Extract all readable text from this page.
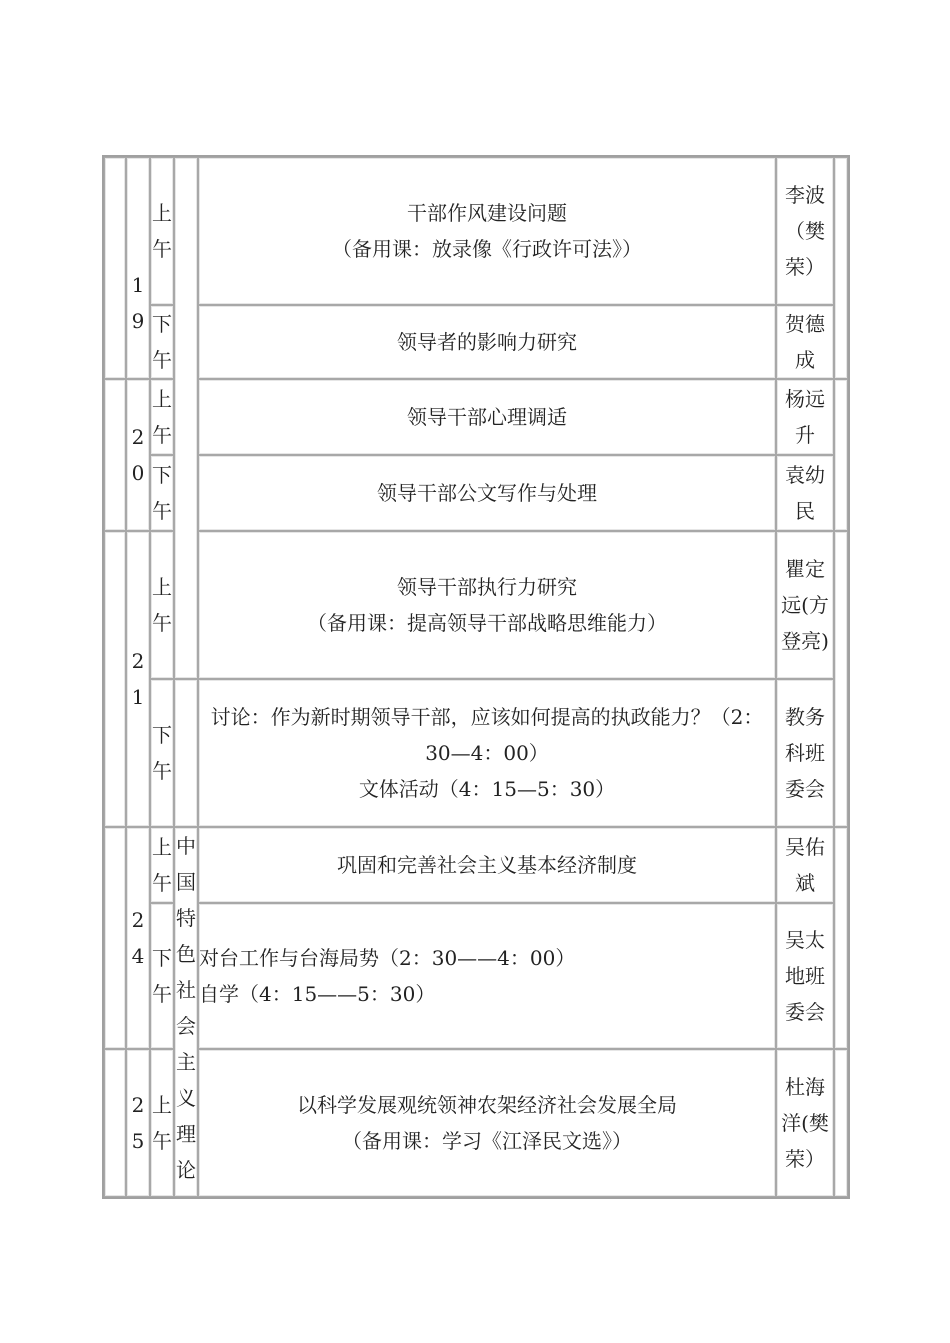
	19	上午		干部作风建设问题
（备用课：放录像《行政许可法》）	李波（樊荣）	
		下午		领导者的影响力研究	贺德成	
	20	上午		领导干部心理调适	杨远升	
		下午		领导干部公文写作与处理	袁幼民	
	21	上午		领导干部执行力研究
（备用课：提高领导干部战略思维能力）	瞿定远(方登亮)	
		下午		讨论：作为新时期领导干部，应该如何提高的执政能力？（2：30—4：00）
文体活动（4：15—5：30）	教务科班委会	
	24	上午	中国特色社会主义理论	巩固和完善社会主义基本经济制度	吴佑斌	
		下午		对台工作与台海局势（2：30——4：00）
自学（4：15——5：30）	吴太地班委会	
	25	上午		以科学发展观统领神农架经济社会发展全局
（备用课：学习《江泽民文选》）	杜海洋(樊荣）	
